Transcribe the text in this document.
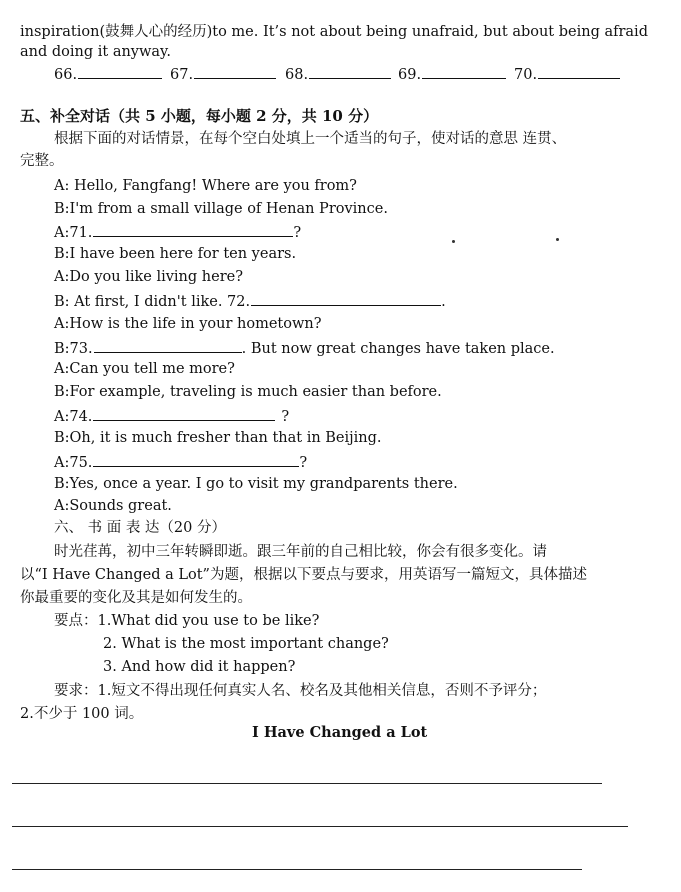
inspiration(鼓舞人心的经历)to me. It’s not about being unafraid, but about being afraid
and doing it anyway.
66.	67.	68.	69.	70.
五、补全对话（共 5 小题，每小题 2 分，共 10 分）
根据下面的对话情景，在每个空白处填上一个适当的句子，使对话的意思 连贯、
完整。
A: Hello, Fangfang! Where are you from?
B:I'm from a small village of Henan Province.
A:71.	?
B:I have been here for ten years.
A:Do you like living here?
B: At first, I didn't like. 72.	.
A:How is the life in your hometown?
B:73.	. But now great changes have taken place.
A:Can you tell me more?
B:For example, traveling is much easier than before.
A:74.	?
B:Oh, it is much fresher than that in Beijing.
A:75.	?
B:Yes, once a year. I go to visit my grandparents there.
A:Sounds great.
六、 书 面 表 达（20 分）
时光荏苒，初中三年转瞬即逝。跟三年前的自己相比较，你会有很多变化。请
以“I Have Changed a Lot”为题，根据以下要点与要求，用英语写一篇短文，具体描述
你最重要的变化及其是如何发生的。
要点：1.What did you use to be like?
2. What is the most important change?
3. And how did it happen?
要求：1.短文不得出现任何真实人名、校名及其他相关信息，否则不予评分；
2.不少于 100 词。
I Have Changed a Lot
